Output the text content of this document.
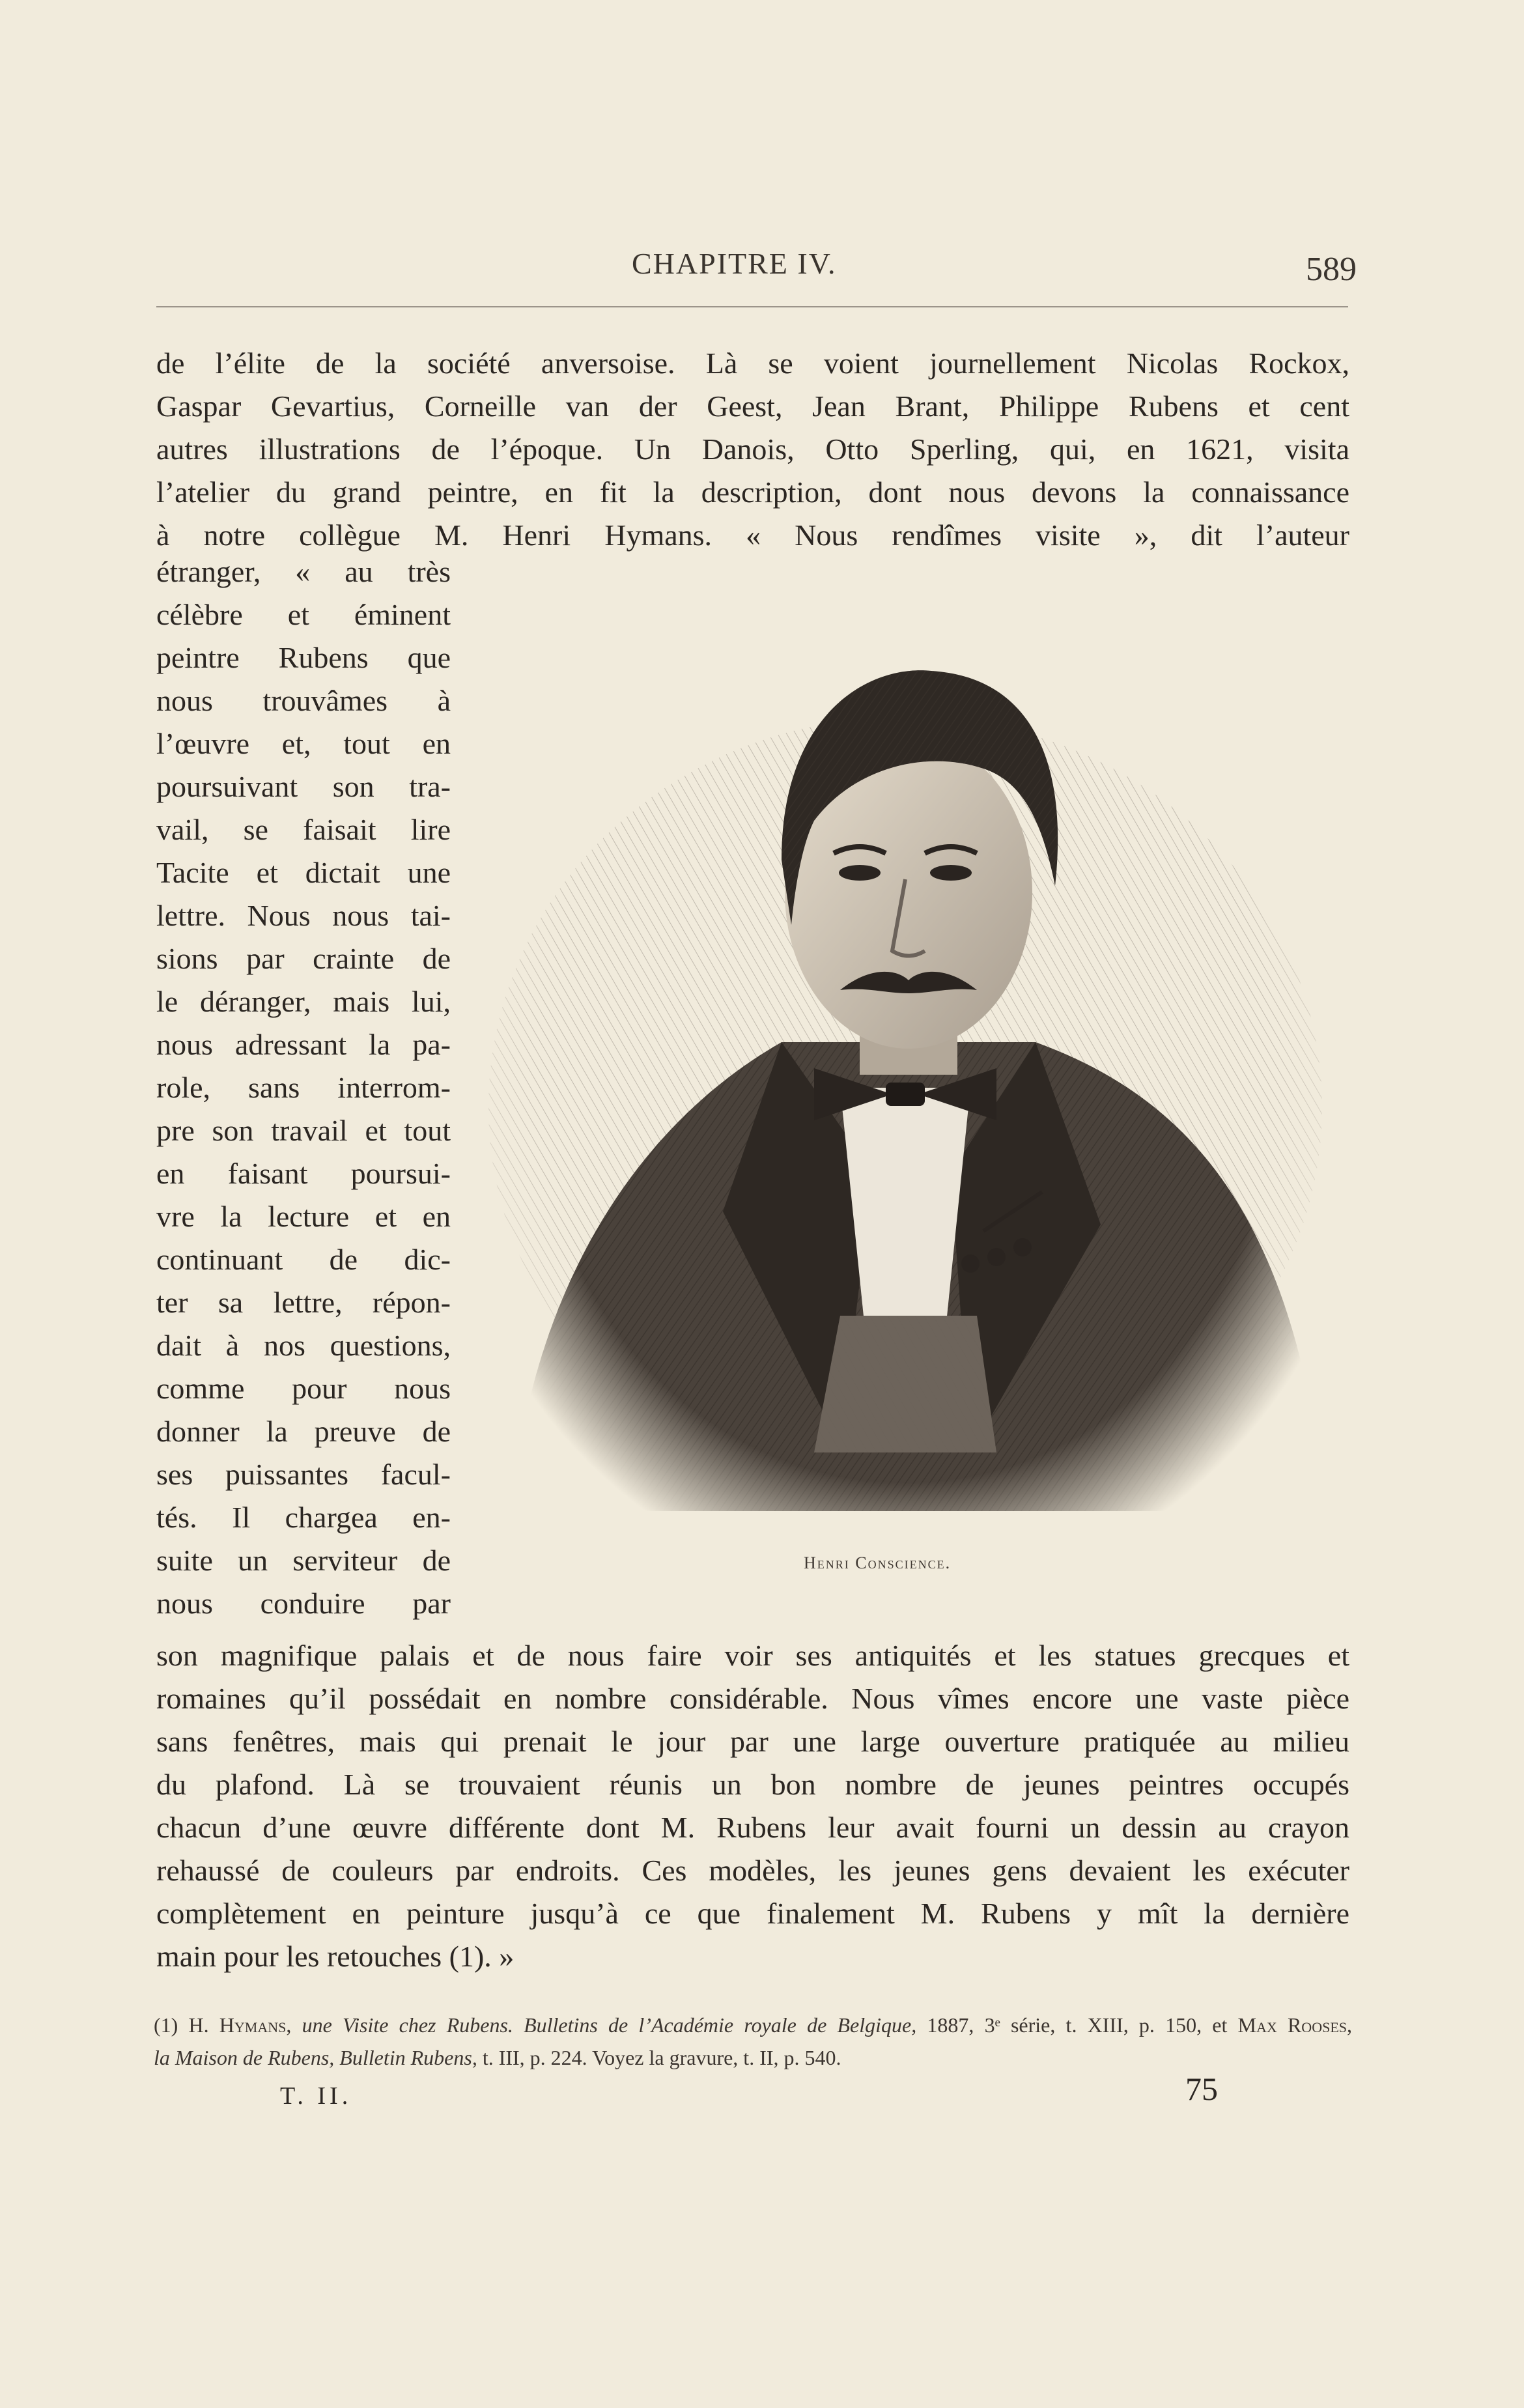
CHAPITRE IV.	589
de l’élite de la société anversoise. Là se voient journellement Nicolas Rockox,
Gaspar Gevartius, Corneille van der Geest, Jean Brant, Philippe Rubens et cent
autres illustrations de l’époque. Un Danois, Otto Sperling, qui, en 1621, visita
l’atelier du grand peintre, en fit la description, dont nous devons la connaissance
à notre collègue M. Henri Hymans. « Nous rendîmes visite », dit l’auteur
étranger, « au très
célèbre et éminent
peintre Rubens que
nous trouvâmes à
l’œuvre et, tout en
poursuivant son tra-
vail, se faisait lire
Tacite et dictait une
lettre. Nous nous tai-
sions par crainte de
le déranger, mais lui,
nous adressant la pa-
role, sans interrom-
pre son travail et tout
en faisant poursui-
vre la lecture et en
continuant de dic-
ter sa lettre, répon-
dait à nos questions,
comme pour nous
donner la preuve de
ses puissantes facul-
tés. Il chargea en-
suite un serviteur de
nous conduire par
son magnifique palais et de nous faire voir ses antiquités et les statues grecques et
romaines qu’il possédait en nombre considérable. Nous vîmes encore une vaste pièce
sans fenêtres, mais qui prenait le jour par une large ouverture pratiquée au milieu
du plafond. Là se trouvaient réunis un bon nombre de jeunes peintres occupés
chacun d’une œuvre différente dont M. Rubens leur avait fourni un dessin au crayon
rehaussé de couleurs par endroits. Ces modèles, les jeunes gens devaient les exécuter
complètement en peinture jusqu’à ce que finalement M. Rubens y mît la dernière
main pour les retouches (1). »
Henri Conscience.
(1) H. Hymans, une Visite chez Rubens. Bulletins de l’Académie royale de Belgique, 1887, 3ᵉ série, t. XIII, p. 150, et Max Rooses,
la Maison de Rubens, Bulletin Rubens, t. III, p. 224. Voyez la gravure, t. II, p. 540.
T. II.	75
